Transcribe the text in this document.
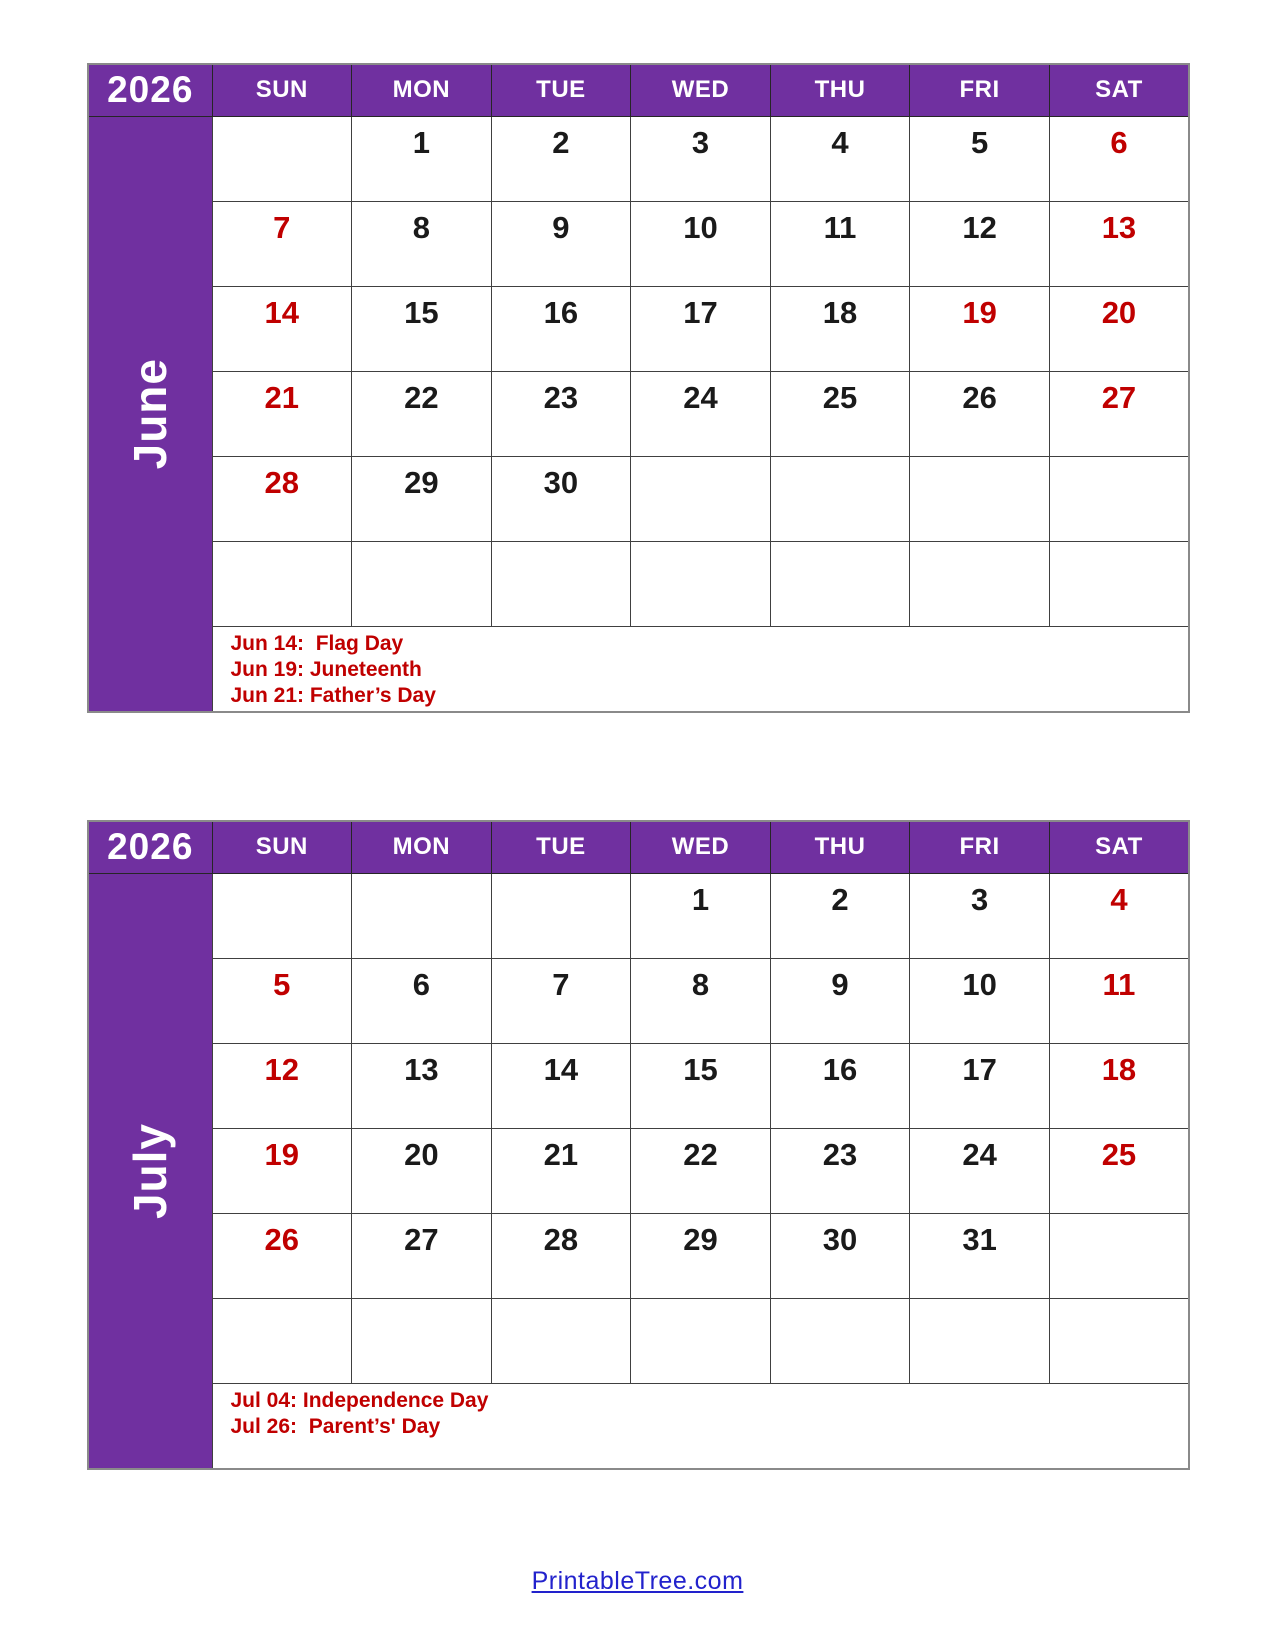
2026	SUN	MON	TUE	WED	THU	FRI	SAT

June		1	2	3	4	5	6
	7	8	9	10	11	12	13
	14	15	16	17	18	19	20
	21	22	23	24	25	26	27
	28	29	30				

	Jun 14:  Flag Day
Jun 19: Juneteenth
Jun 21: Father’s Day						
2026	SUN	MON	TUE	WED	THU	FRI	SAT

July				1	2	3	4
	5	6	7	8	9	10	11
	12	13	14	15	16	17	18
	19	20	21	22	23	24	25
	26	27	28	29	30	31	

	Jul 04: Independence Day
Jul 26:  Parent’s' Day						
PrintableTree.com
